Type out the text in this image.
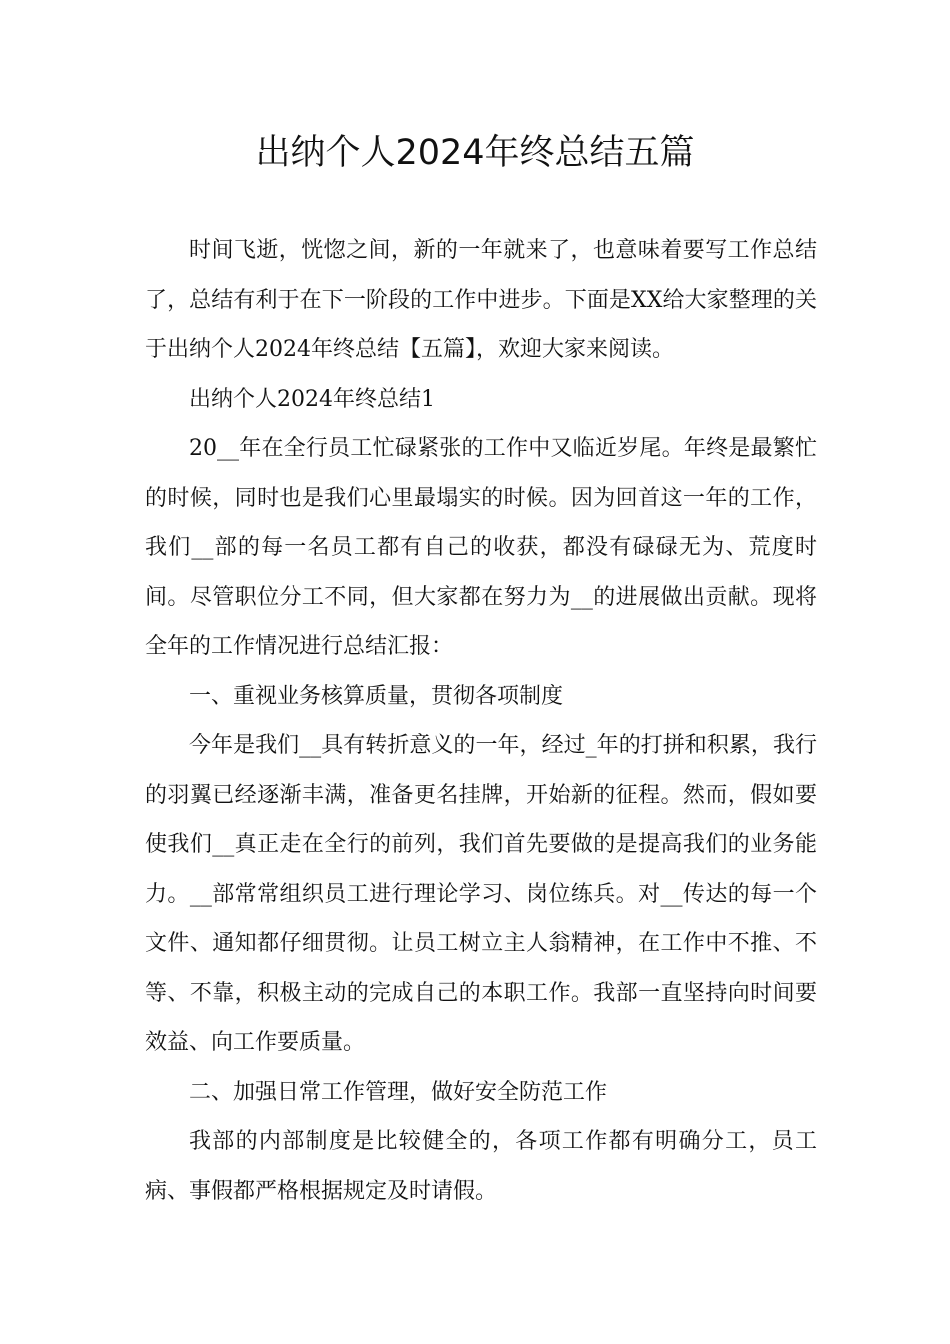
出纳个人2024年终总结五篇

时间飞逝，恍惚之间，新的一年就来了，也意味着要写工作总结了，总结有利于在下一阶段的工作中进步。下面是XX给大家整理的关于出纳个人2024年终总结【五篇】，欢迎大家来阅读。

出纳个人2024年终总结1

20__年在全行员工忙碌紧张的工作中又临近岁尾。年终是最繁忙的时候，同时也是我们心里最塌实的时候。因为回首这一年的工作，我们__部的每一名员工都有自己的收获，都没有碌碌无为、荒度时间。尽管职位分工不同，但大家都在努力为__的进展做出贡献。现将全年的工作情况进行总结汇报：

一、重视业务核算质量，贯彻各项制度

今年是我们__具有转折意义的一年，经过_年的打拼和积累，我行的羽翼已经逐渐丰满，准备更名挂牌，开始新的征程。然而，假如要使我们__真正走在全行的前列，我们首先要做的是提高我们的业务能力。__部常常组织员工进行理论学习、岗位练兵。对__传达的每一个文件、通知都仔细贯彻。让员工树立主人翁精神，在工作中不推、不等、不靠，积极主动的完成自己的本职工作。我部一直坚持向时间要效益、向工作要质量。

二、加强日常工作管理，做好安全防范工作

我部的内部制度是比较健全的，各项工作都有明确分工，员工病、事假都严格根据规定及时请假。
